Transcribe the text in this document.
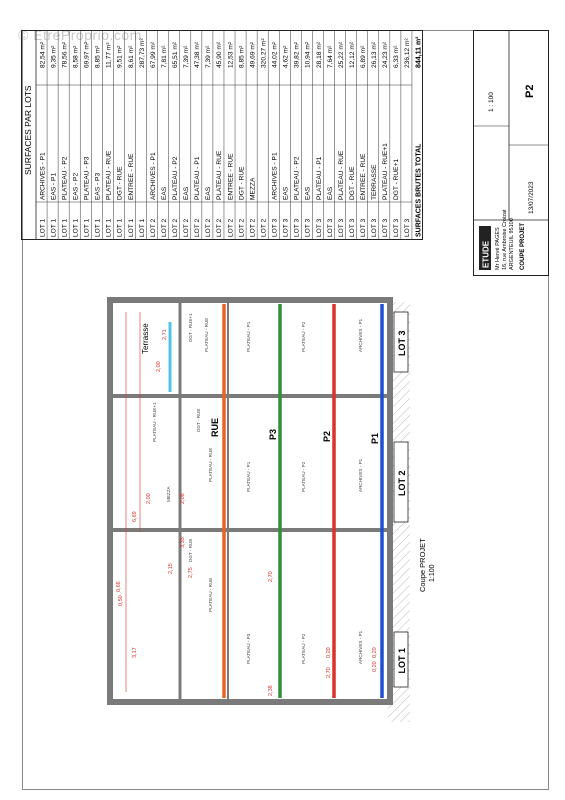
© EtreProprio.com
SURFACES PAR LOTS
LOT 1
ARCHIVES - P1
82,54 m²
LOT 1
EAS - P1
9,35 m²
LOT 1
PLATEAU - P2
78,56 m²
LOT 1
EAS - P2
8,58 m²
LOT 1
PLATEAU - P3
69,97 m²
LOT 1
EAS - P3
8,85 m²
LOT 1
PLATEAU - RUE
11,77 m²
LOT 1
DGT - RUE
9,51 m²
LOT 1
ENTREE - RUE
8,61 m²
LOT 1
287,73 m²
LOT 2
ARCHIVES - P1
67,99 m²
LOT 2
EAS
7,81 m²
LOT 2
PLATEAU - P2
65,51 m²
LOT 2
EAS
7,39 m²
LOT 2
PLATEAU - P1
47,38 m²
LOT 2
EAS
7,39 m²
LOT 2
PLATEAU - RUE
45,90 m²
LOT 2
ENTREE - RUE
12,53 m²
LOT 2
DGT - RUE
8,85 m²
LOT 2
MEZZA
49,69 m²
LOT 2
320,27 m²
LOT 3
ARCHIVES - P1
44,02 m²
LOT 3
EAS
4,62 m²
LOT 3
PLATEAU - P2
39,82 m²
LOT 3
EAS
10,94 m²
LOT 3
PLATEAU - P1
28,18 m²
LOT 3
EAS
7,64 m²
LOT 3
PLATEAU - RUE
25,22 m²
LOT 3
DGT - RUE
12,12 m²
LOT 3
ENTREE - RUE
6,89 m²
LOT 3
TERRASSE
26,13 m²
LOT 3
PLATEAU - RUE+1
24,23 m²
LOT 3
DGT - RUE+1
6,33 m²
LOT 3
236,12 m²
SURFACES BRUTES TOTAL
844,11 m²
ETUDE Mr Hervé PAGES 16, rue Ambroise Croizat ARGENTEUIL 95100 COUPE PROJET
1 : 100
P2
13/07/2023
LOT 1
LOT 2
LOT 3
RUE	P3	P2	P1
Terrasse
ARCHIVES - P1
PLATEAU - P2
PLATEAU - P3
ARCHIVES - P1
PLATEAU - P2
PLATEAU - P1
ARCHIVES - P1
PLATEAU - P2
PLATEAU - P1
PLATEAU - RUE
PLATEAU - RUE
PLATEAU - RUE
PLATEAU - RUE+1
DGT - RUE
DGT - RUE
DGT - RUE+1
MEZZA
0,66
0,50
3,17
6,69
2,00	2,08
3,33
2,15	2,75	2,70
2,38
2,00
2,71
2,70
0,20
0,20
0,20
Coupe PROJET 1:100
